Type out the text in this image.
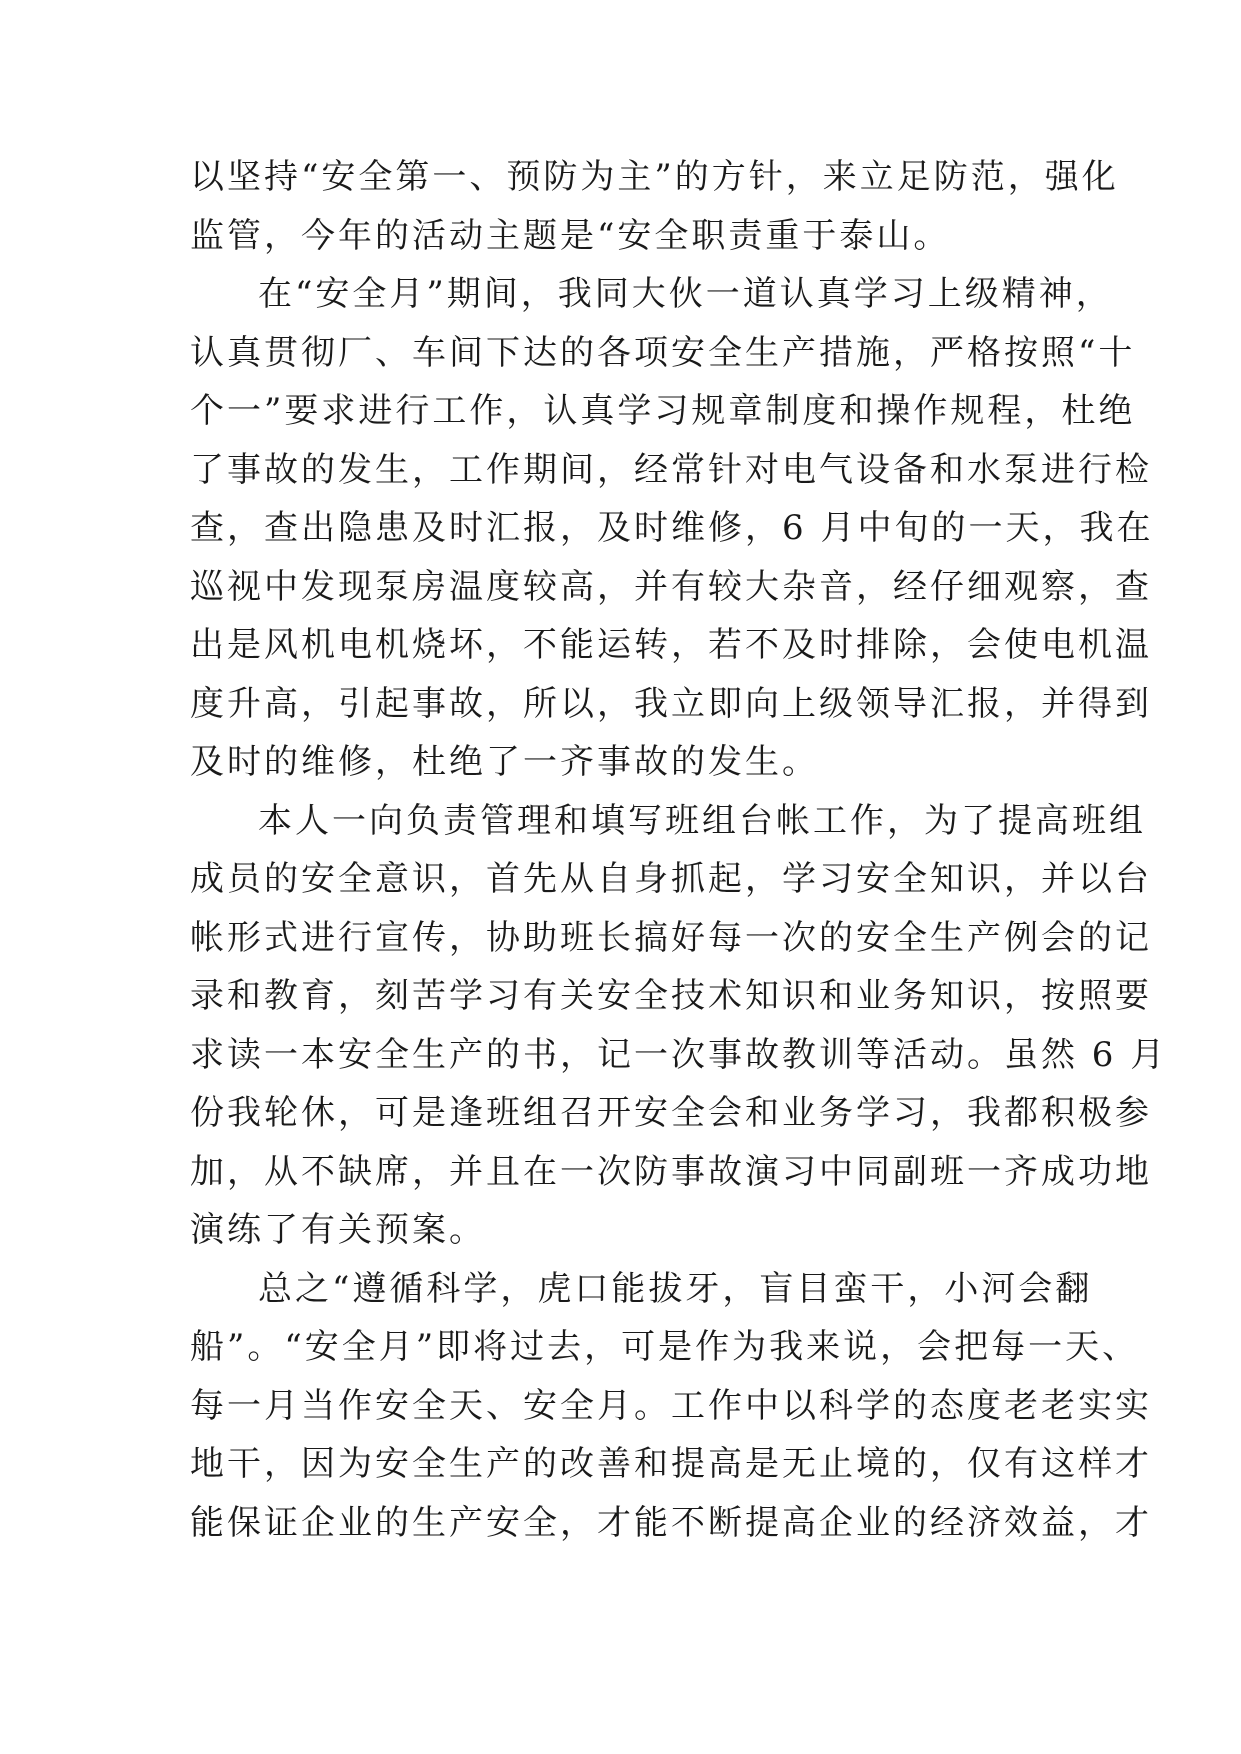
以坚持“安全第一、预防为主”的方针，来立足防范，强化
监管，今年的活动主题是“安全职责重于泰山。
在“安全月”期间，我同大伙一道认真学习上级精神，
认真贯彻厂、车间下达的各项安全生产措施，严格按照“十
个一”要求进行工作，认真学习规章制度和操作规程，杜绝
了事故的发生，工作期间，经常针对电气设备和水泵进行检
查，查出隐患及时汇报，及时维修，6 月中旬的一天，我在
巡视中发现泵房温度较高，并有较大杂音，经仔细观察，查
出是风机电机烧坏，不能运转，若不及时排除，会使电机温
度升高，引起事故，所以，我立即向上级领导汇报，并得到
及时的维修，杜绝了一齐事故的发生。
本人一向负责管理和填写班组台帐工作，为了提高班组
成员的安全意识，首先从自身抓起，学习安全知识，并以台
帐形式进行宣传，协助班长搞好每一次的安全生产例会的记
录和教育，刻苦学习有关安全技术知识和业务知识，按照要
求读一本安全生产的书，记一次事故教训等活动。虽然 6 月
份我轮休，可是逢班组召开安全会和业务学习，我都积极参
加，从不缺席，并且在一次防事故演习中同副班一齐成功地
演练了有关预案。
总之“遵循科学，虎口能拔牙，盲目蛮干，小河会翻
船”。“安全月”即将过去，可是作为我来说，会把每一天、
每一月当作安全天、安全月。工作中以科学的态度老老实实
地干，因为安全生产的改善和提高是无止境的，仅有这样才
能保证企业的生产安全，才能不断提高企业的经济效益，才
